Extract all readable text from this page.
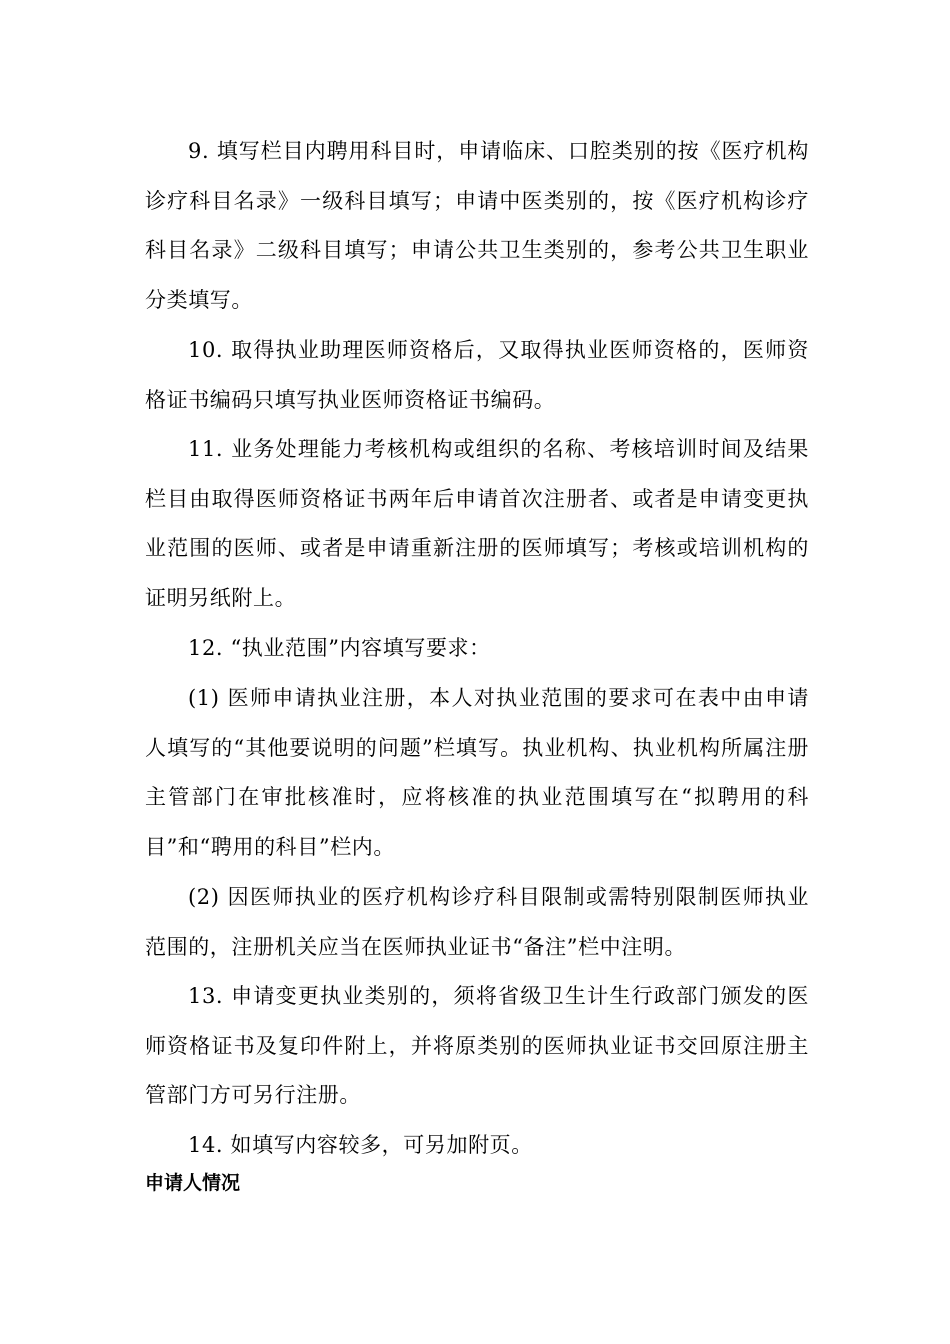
9. 填写栏目内聘用科目时，申请临床、口腔类别的按《医疗机构诊疗科目名录》一级科目填写；申请中医类别的，按《医疗机构诊疗科目名录》二级科目填写；申请公共卫生类别的，参考公共卫生职业分类填写。

10. 取得执业助理医师资格后，又取得执业医师资格的，医师资格证书编码只填写执业医师资格证书编码。

11. 业务处理能力考核机构或组织的名称、考核培训时间及结果栏目由取得医师资格证书两年后申请首次注册者、或者是申请变更执业范围的医师、或者是申请重新注册的医师填写；考核或培训机构的证明另纸附上。

12. “执业范围”内容填写要求：

(1) 医师申请执业注册，本人对执业范围的要求可在表中由申请人填写的“其他要说明的问题”栏填写。执业机构、执业机构所属注册主管部门在审批核准时，应将核准的执业范围填写在“拟聘用的科目”和“聘用的科目”栏内。

(2) 因医师执业的医疗机构诊疗科目限制或需特别限制医师执业范围的，注册机关应当在医师执业证书“备注”栏中注明。

13. 申请变更执业类别的，须将省级卫生计生行政部门颁发的医师资格证书及复印件附上，并将原类别的医师执业证书交回原注册主管部门方可另行注册。

14. 如填写内容较多，可另加附页。

申请人情况
